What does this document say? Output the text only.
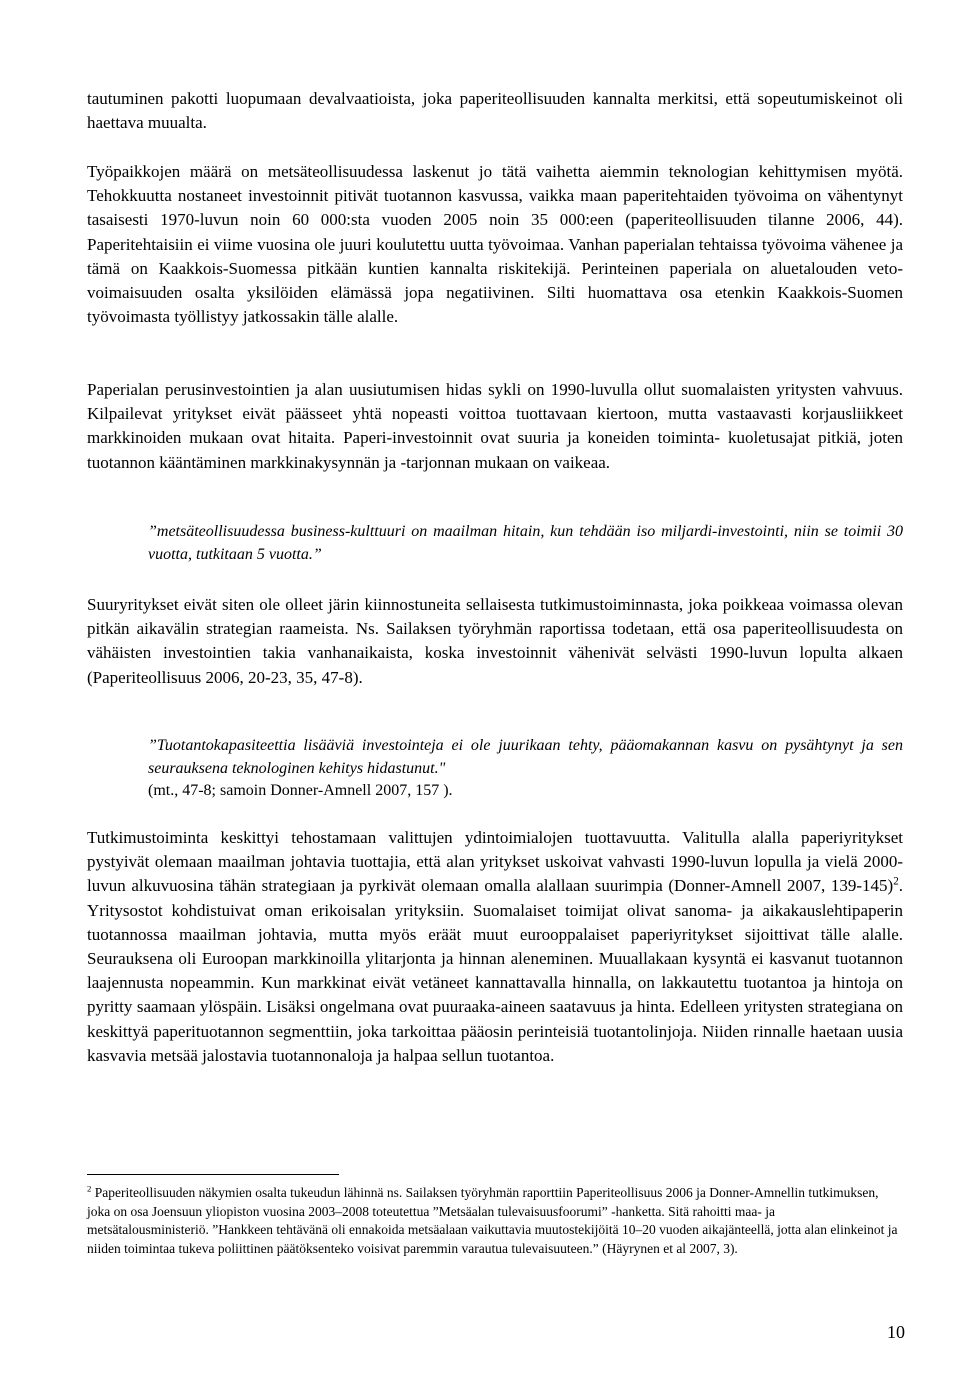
tautuminen pakotti luopumaan devalvaatioista, joka paperiteollisuuden kannalta merkitsi, että sopeutumiskeinot oli haettava muualta.

Työpaikkojen määrä on metsäteollisuudessa laskenut jo tätä vaihetta aiemmin teknologian kehittymisen myötä. Tehokkuutta nostaneet investoinnit pitivät tuotannon kasvussa, vaikka maan paperitehtaiden työvoima on vähentynyt tasaisesti 1970-luvun noin 60 000:sta vuoden 2005 noin 35 000:een (paperiteollisuuden tilanne 2006, 44). Paperitehtaisiin ei viime vuosina ole juuri koulutettu uutta työvoimaa. Vanhan paperialan tehtaissa työvoima vähenee ja tämä on Kaakkois-Suomessa pitkään kuntien kannalta riskitekijä. Perinteinen paperiala on aluetalouden veto-voimaisuuden osalta yksilöiden elämässä jopa negatiivinen. Silti huomattava osa etenkin Kaakkois-Suomen työvoimasta työllistyy jatkossakin tälle alalle.

Paperialan perusinvestointien ja alan uusiutumisen hidas sykli on 1990-luvulla ollut suomalaisten yritysten vahvuus. Kilpailevat yritykset eivät päässeet yhtä nopeasti voittoa tuottavaan kiertoon, mutta vastaavasti korjausliikkeet markkinoiden mukaan ovat hitaita. Paperi-investoinnit ovat suuria ja koneiden toiminta- kuoletusajat pitkiä, joten tuotannon kääntäminen markkinakysynnän ja -tarjonnan mukaan on vaikeaa.

”metsäteollisuudessa business-kulttuuri on maailman hitain, kun tehdään iso miljardi-investointi, niin se toimii 30 vuotta, tutkitaan 5 vuotta.”

Suuryritykset eivät siten ole olleet järin kiinnostuneita sellaisesta tutkimustoiminnasta, joka poikkeaa voimassa olevan pitkän aikavälin strategian raameista. Ns. Sailaksen työryhmän raportissa todetaan, että osa paperiteollisuudesta on vähäisten investointien takia vanhanaikaista, koska investoinnit vähenivät selvästi 1990-luvun lopulta alkaen (Paperiteollisuus 2006, 20-23, 35, 47-8).

”Tuotantokapasiteettia lisääviä investointeja ei ole juurikaan tehty, pääomakannan kasvu on pysähtynyt ja sen seurauksena teknologinen kehitys hidastunut."

(mt., 47-8; samoin Donner-Amnell 2007, 157 ).

Tutkimustoiminta keskittyi tehostamaan valittujen ydintoimialojen tuottavuutta. Valitulla alalla paperiyritykset pystyivät olemaan maailman johtavia tuottajia, että alan yritykset uskoivat vahvasti 1990-luvun lopulla ja vielä 2000-luvun alkuvuosina tähän strategiaan ja pyrkivät olemaan omalla alallaan suurimpia (Donner-Amnell 2007, 139-145)$^2$. Yritysostot kohdistuivat oman erikoisalan yrityksiin. Suomalaiset toimijat olivat sanoma- ja aikakauslehtipaperin tuotannossa maailman johtavia, mutta myös eräät muut eurooppalaiset paperiyritykset sijoittivat tälle alalle. Seurauksena oli Euroopan markkinoilla ylitarjonta ja hinnan aleneminen. Muuallakaan kysyntä ei kasvanut tuotannon laajennusta nopeammin. Kun markkinat eivät vetäneet kannattavalla hinnalla, on lakkautettu tuotantoa ja hintoja on pyritty saamaan ylöspäin. Lisäksi ongelmana ovat puuraaka-aineen saatavuus ja hinta. Edelleen yritysten strategiana on keskittyä paperituotannon segmenttiin, joka tarkoittaa pääosin perinteisiä tuotantolinjoja. Niiden rinnalle haetaan uusia kasvavia metsää jalostavia tuotannonaloja ja halpaa sellun tuotantoa.

$^2$ Paperiteollisuuden näkymien osalta tukeudun lähinnä ns. Sailaksen työryhmän raporttiin Paperiteollisuus 2006 ja Donner-Amnellin tutkimuksen, joka on osa Joensuun yliopiston vuosina 2003–2008 toteutettua ”Metsäalan tulevaisuusfoorumi” -hanketta. Sitä rahoitti maa- ja metsätalousministeriö. ”Hankkeen tehtävänä oli ennakoida metsäalaan vaikuttavia muutostekijöitä 10–20 vuoden aikajänteellä, jotta alan elinkeinot ja niiden toimintaa tukeva poliittinen päätöksenteko voisivat paremmin varautua tulevaisuuteen.” (Häyrynen et al 2007, 3).

10
